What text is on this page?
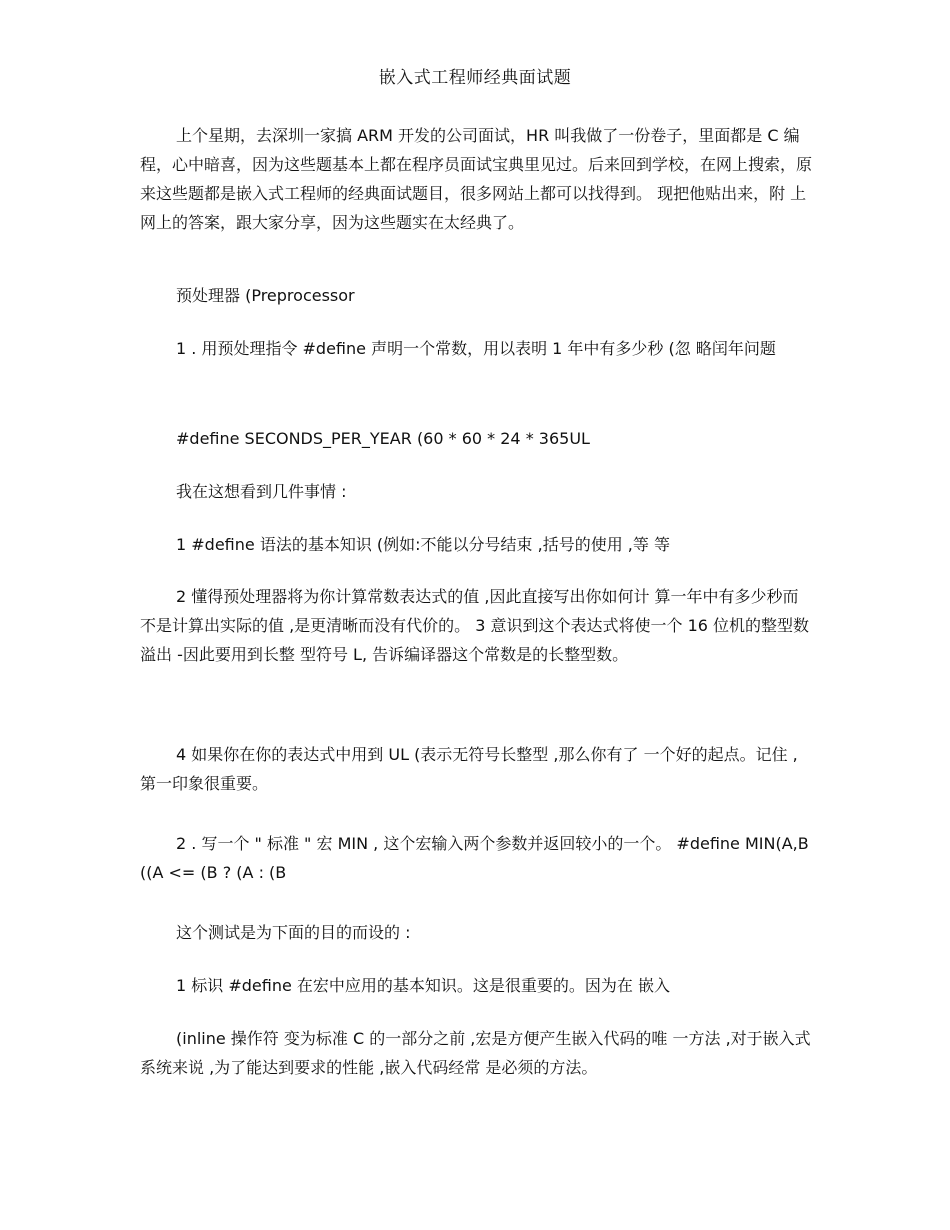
嵌入式工程师经典面试题

上个星期，去深圳一家搞 ARM 开发的公司面试，HR 叫我做了一份卷子，里面都是 C 编程，心中暗喜，因为这些题基本上都在程序员面试宝典里见过。后来回到学校，在网上搜索，原 来这些题都是嵌入式工程师的经典面试题目，很多网站上都可以找得到。 现把他贴出来，附 上网上的答案，跟大家分享，因为这些题实在太经典了。

预处理器 (Preprocessor

1 . 用预处理指令 #define 声明一个常数，用以表明 1 年中有多少秒 (忽 略闰年问题

#define SECONDS_PER_YEAR (60 * 60 * 24 * 365UL

我在这想看到几件事情 :

1 #define 语法的基本知识 (例如:不能以分号结束 ,括号的使用 ,等 等

2 懂得预处理器将为你计算常数表达式的值 ,因此直接写出你如何计 算一年中有多少秒而不是计算出实际的值 ,是更清晰而没有代价的。 3 意识到这个表达式将使一个 16 位机的整型数溢出 -因此要用到长整 型符号 L, 告诉编译器这个常数是的长整型数。

4 如果你在你的表达式中用到 UL (表示无符号长整型 ,那么你有了 一个好的起点。记住 ,第一印象很重要。

2 . 写一个 " 标准 " 宏 MIN , 这个宏输入两个参数并返回较小的一个。 #define MIN(A,B ((A <= (B ? (A : (B

这个测试是为下面的目的而设的 :

1 标识 #define 在宏中应用的基本知识。这是很重要的。因为在 嵌入

(inline 操作符 变为标准 C 的一部分之前 ,宏是方便产生嵌入代码的唯 一方法 ,对于嵌入式系统来说 ,为了能达到要求的性能 ,嵌入代码经常 是必须的方法。
